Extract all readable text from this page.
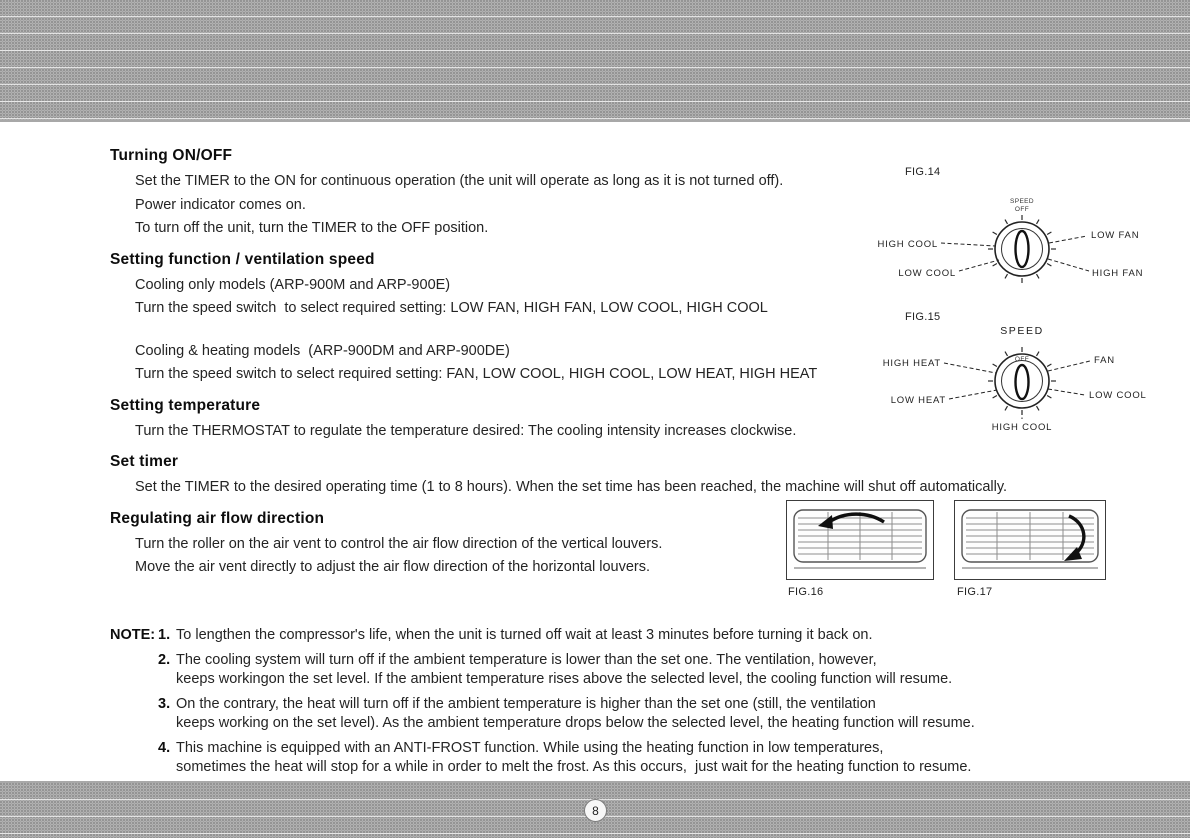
Turning ON/OFF
Set the TIMER to the ON for continuous operation (the unit will operate as long as it is not turned off).
Power indicator comes on.
To turn off the unit, turn the TIMER to the OFF position.
Setting function / ventilation speed
Cooling only models (ARP-900M and ARP-900E)
Turn the speed switch  to select required setting: LOW FAN, HIGH FAN, LOW COOL, HIGH COOL
Cooling & heating models  (ARP-900DM and ARP-900DE)
Turn the speed switch to select required setting: FAN, LOW COOL, HIGH COOL, LOW HEAT, HIGH HEAT
Setting temperature
Turn the THERMOSTAT to regulate the temperature desired: The cooling intensity increases clockwise.
Set timer
Set the TIMER to the desired operating time (1 to 8 hours). When the set time has been reached, the machine will shut off automatically.
Regulating air flow direction
Turn the roller on the air vent to control the air flow direction of the vertical louvers.
Move the air vent directly to adjust the air flow direction of the horizontal louvers.
NOTE: 1. To lengthen the compressor's life, when the unit is turned off wait at least 3 minutes before turning it back on.
2. The cooling system will turn off if the ambient temperature is lower than the set one. The ventilation, however,
keeps workingon the set level. If the ambient temperature rises above the selected level, the cooling function will resume.
3. On the contrary, the heat will turn off if the ambient temperature is higher than the set one (still, the ventilation
keeps working on the set level). As the ambient temperature drops below the selected level, the heating function will resume.
4. This machine is equipped with an ANTI-FROST function. While using the heating function in low temperatures,
sometimes the heat will stop for a while in order to melt the frost. As this occurs,  just wait for the heating function to resume.
FIG.14
SPEED
OFF
HIGH COOL
LOW FAN
LOW COOL	HIGH FAN
FIG.15
SPEED
OFF
HIGH HEAT	FAN
LOW HEAT	LOW COOL
HIGH COOL
FIG.16	FIG.17
8
